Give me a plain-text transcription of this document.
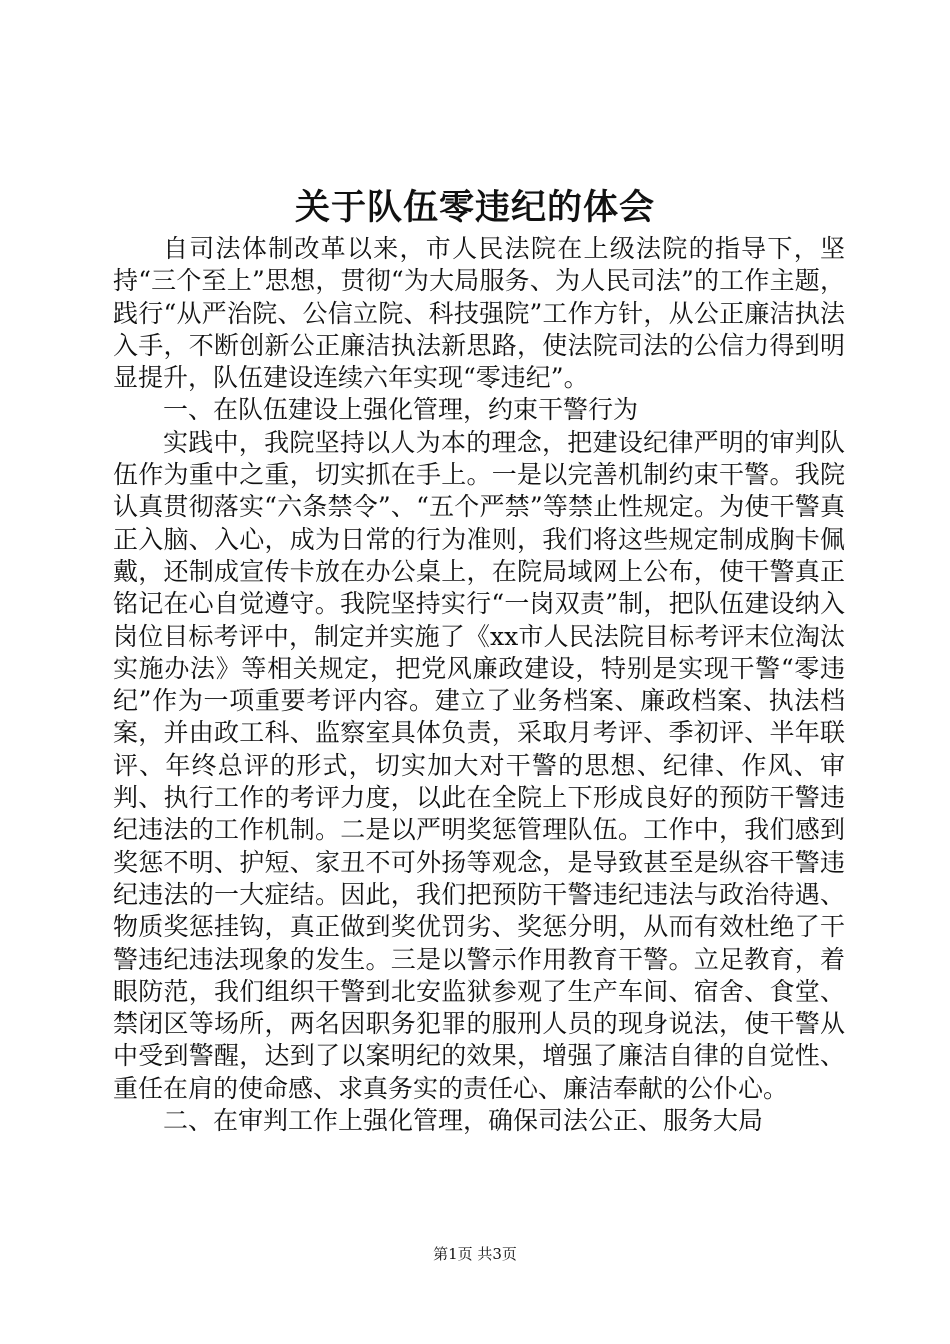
关于队伍零违纪的体会

自司法体制改革以来，市人民法院在上级法院的指导下，坚持“三个至上”思想，贯彻“为大局服务、为人民司法”的工作主题，践行“从严治院、公信立院、科技强院”工作方针，从公正廉洁执法入手，不断创新公正廉洁执法新思路，使法院司法的公信力得到明显提升，队伍建设连续六年实现“零违纪”。

一、在队伍建设上强化管理，约束干警行为

实践中，我院坚持以人为本的理念，把建设纪律严明的审判队伍作为重中之重，切实抓在手上。一是以完善机制约束干警。我院认真贯彻落实“六条禁令”、“五个严禁”等禁止性规定。为使干警真正入脑、入心，成为日常的行为准则，我们将这些规定制成胸卡佩戴，还制成宣传卡放在办公桌上，在院局域网上公布，使干警真正铭记在心自觉遵守。我院坚持实行“一岗双责”制，把队伍建设纳入岗位目标考评中，制定并实施了《xx市人民法院目标考评末位淘汰实施办法》等相关规定，把党风廉政建设，特别是实现干警“零违纪”作为一项重要考评内容。建立了业务档案、廉政档案、执法档案，并由政工科、监察室具体负责，采取月考评、季初评、半年联评、年终总评的形式，切实加大对干警的思想、纪律、作风、审判、执行工作的考评力度，以此在全院上下形成良好的预防干警违纪违法的工作机制。二是以严明奖惩管理队伍。工作中，我们感到奖惩不明、护短、家丑不可外扬等观念，是导致甚至是纵容干警违纪违法的一大症结。因此，我们把预防干警违纪违法与政治待遇、物质奖惩挂钩，真正做到奖优罚劣、奖惩分明，从而有效杜绝了干警违纪违法现象的发生。三是以警示作用教育干警。立足教育，着眼防范，我们组织干警到北安监狱参观了生产车间、宿舍、食堂、禁闭区等场所，两名因职务犯罪的服刑人员的现身说法，使干警从中受到警醒，达到了以案明纪的效果，增强了廉洁自律的自觉性、重任在肩的使命感、求真务实的责任心、廉洁奉献的公仆心。

二、在审判工作上强化管理，确保司法公正、服务大局

第1页 共3页
